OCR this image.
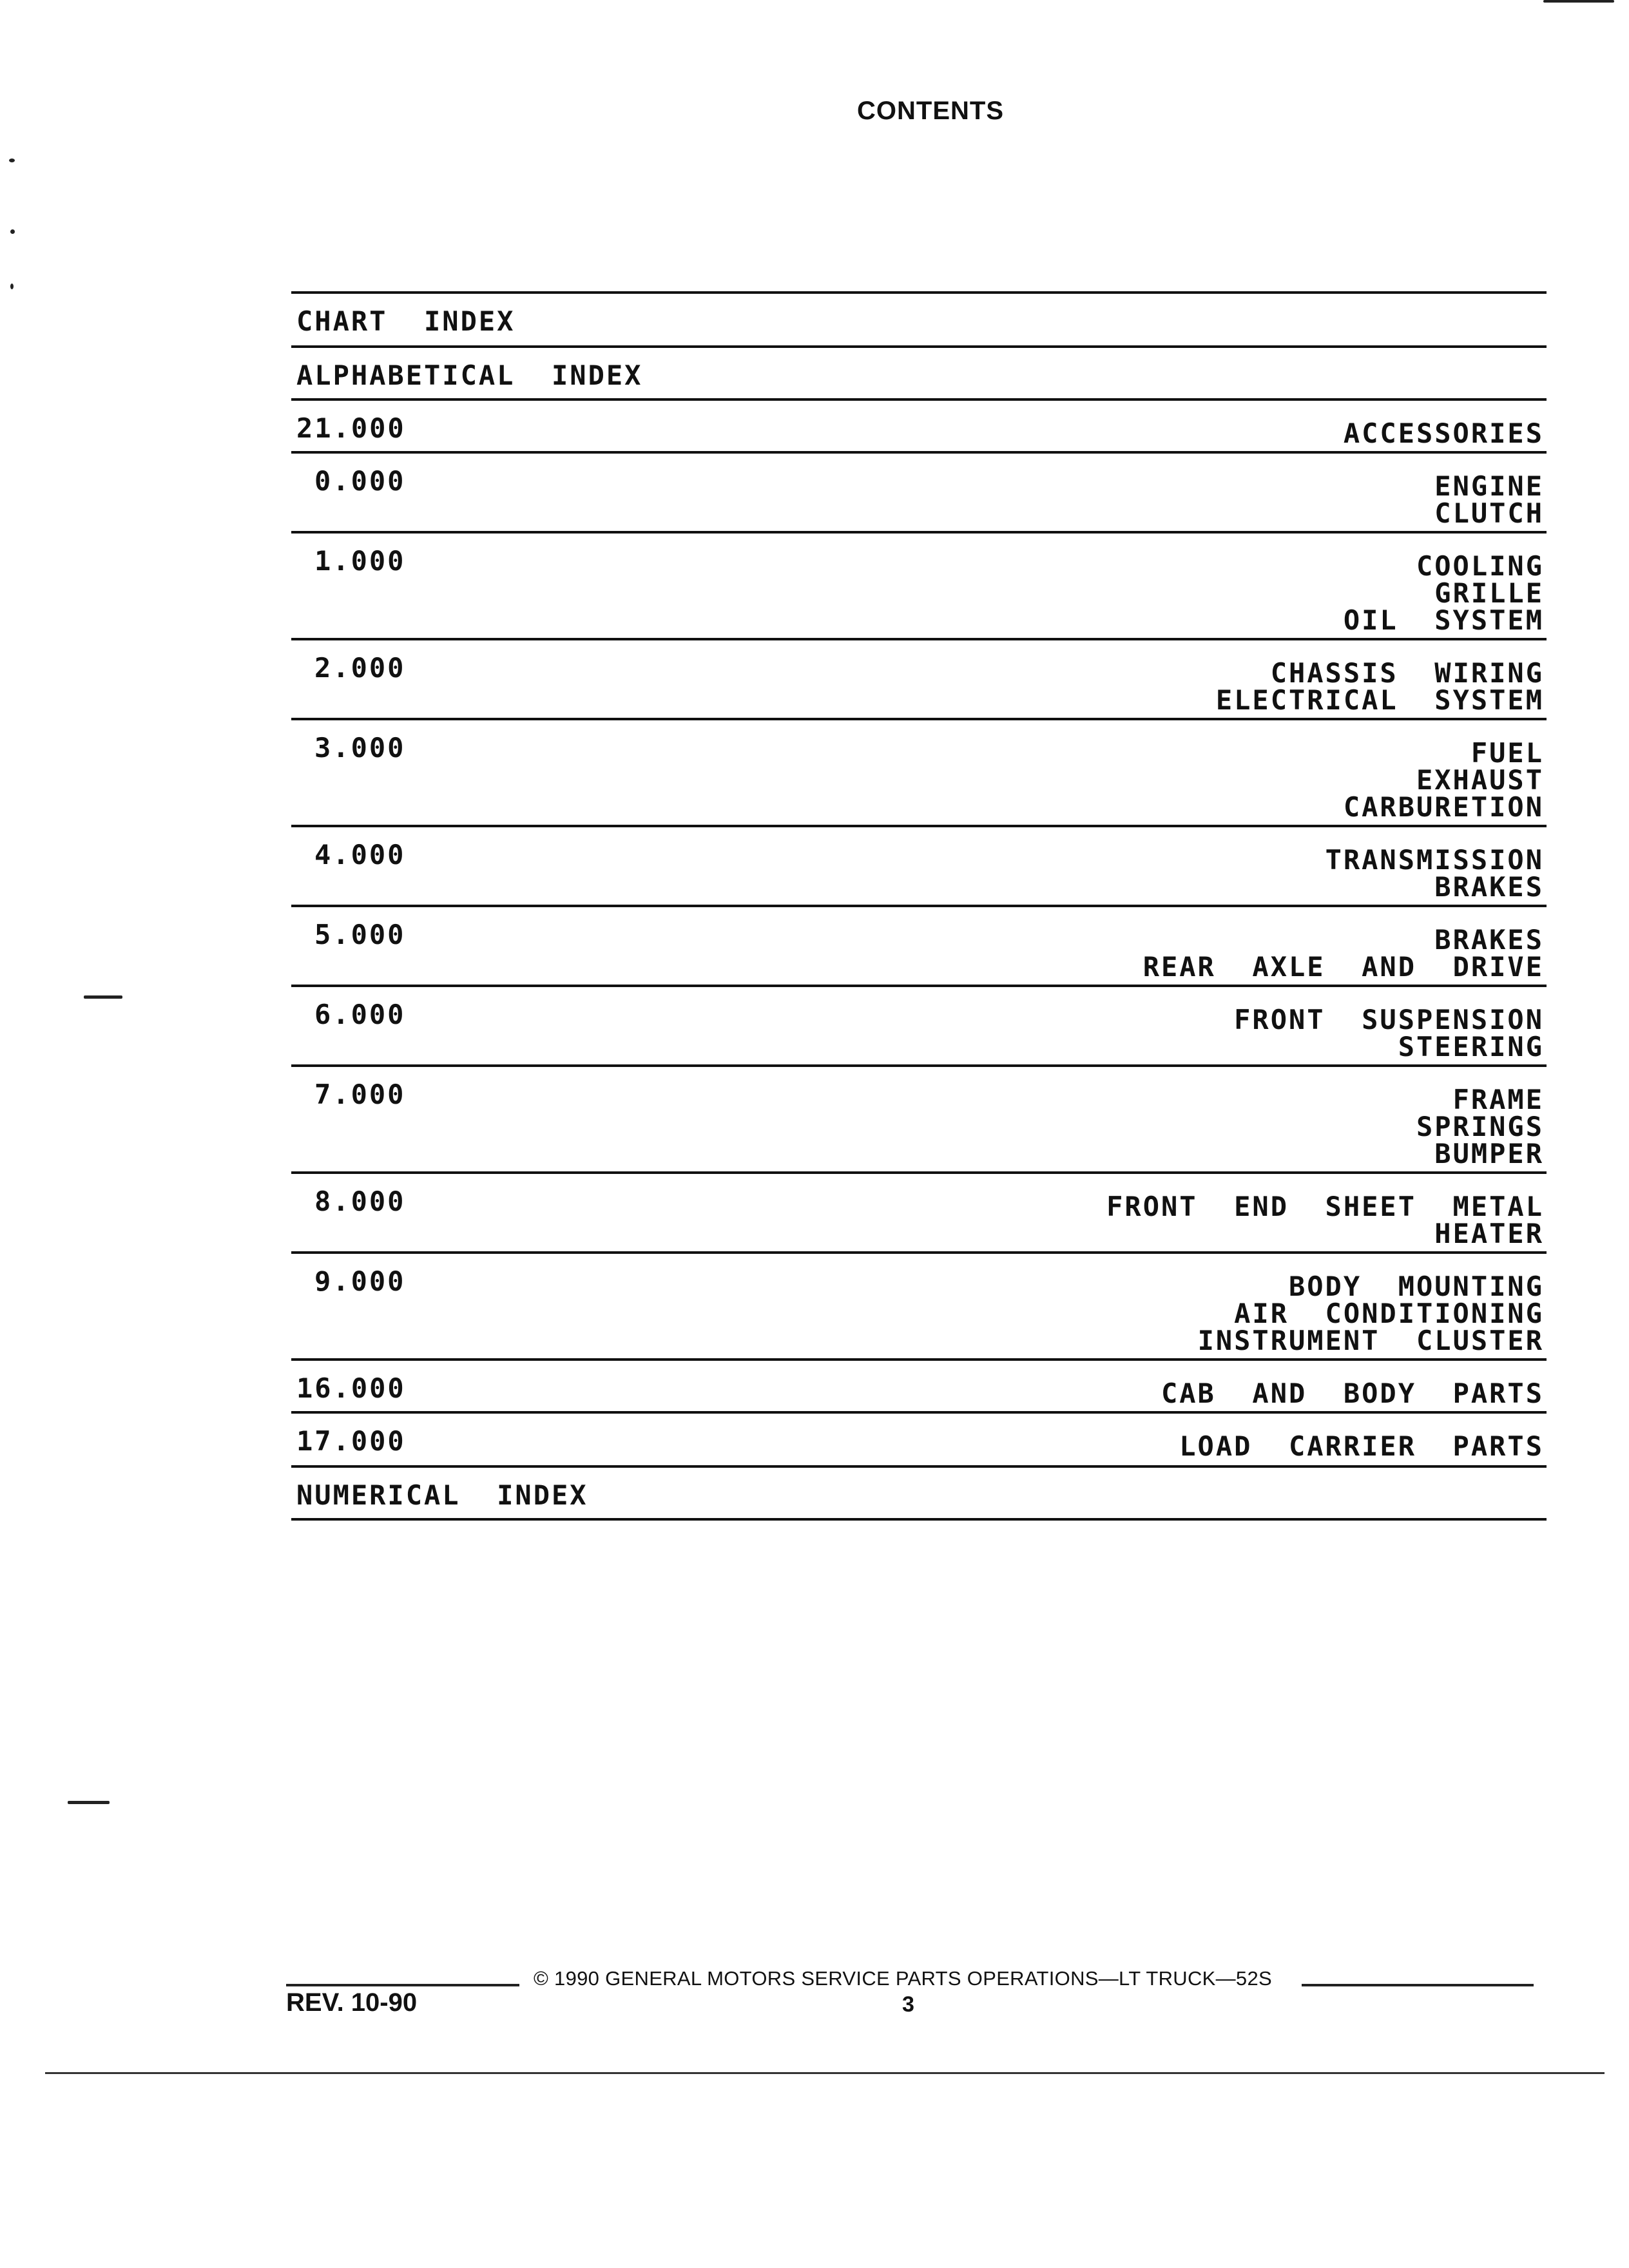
CONTENTS
CHART  INDEX
ALPHABETICAL  INDEX
21.000	ACCESSORIES
0.000	ENGINE
CLUTCH
1.000	COOLING
GRILLE
OIL  SYSTEM
2.000	CHASSIS  WIRING
ELECTRICAL  SYSTEM
3.000	FUEL
EXHAUST
CARBURETION
4.000	TRANSMISSION
BRAKES
5.000	BRAKES
REAR  AXLE  AND  DRIVE
6.000	FRONT  SUSPENSION
STEERING
7.000	FRAME
SPRINGS
BUMPER
8.000	FRONT  END  SHEET  METAL
HEATER
9.000	BODY  MOUNTING
AIR  CONDITIONING
INSTRUMENT  CLUSTER
16.000	CAB  AND  BODY  PARTS
17.000	LOAD  CARRIER  PARTS
NUMERICAL  INDEX
© 1990 GENERAL MOTORS SERVICE PARTS OPERATIONS—LT TRUCK—52S
REV. 10-90	3
